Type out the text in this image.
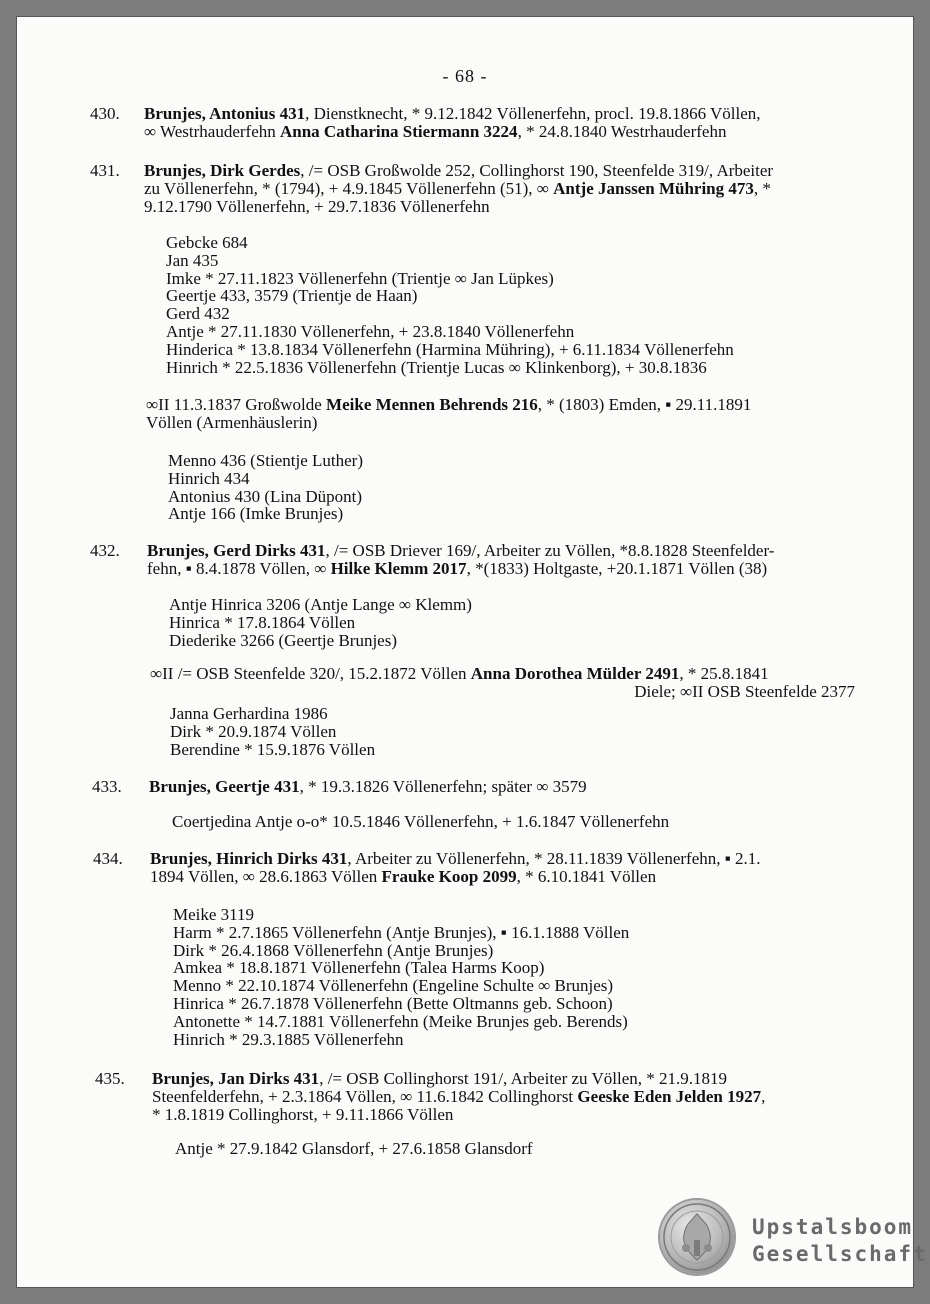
- 68 -
430. Brunjes, Antonius 431, Dienstknecht, * 9.12.1842 Völlenerfehn, procl. 19.8.1866 Völlen,
∞ Westrhauderfehn Anna Catharina Stiermann 3224, * 24.8.1840 Westrhauderfehn
431. Brunjes, Dirk Gerdes, /= OSB Großwolde 252, Collinghorst 190, Steenfelde 319/, Arbeiter
zu Völlenerfehn, * (1794), + 4.9.1845 Völlenerfehn (51), ∞ Antje Janssen Mühring 473, *
9.12.1790 Völlenerfehn, + 29.7.1836 Völlenerfehn
Gebcke 684
Jan 435
Imke * 27.11.1823 Völlenerfehn (Trientje ∞ Jan Lüpkes)
Geertje 433, 3579 (Trientje de Haan)
Gerd 432
Antje * 27.11.1830 Völlenerfehn, + 23.8.1840 Völlenerfehn
Hinderica * 13.8.1834 Völlenerfehn (Harmina Mühring), + 6.11.1834 Völlenerfehn
Hinrich * 22.5.1836 Völlenerfehn (Trientje Lucas ∞ Klinkenborg), + 30.8.1836
∞II 11.3.1837 Großwolde Meike Mennen Behrends 216, * (1803) Emden, ▪ 29.11.1891
Völlen (Armenhäuslerin)
Menno 436 (Stientje Luther)
Hinrich 434
Antonius 430 (Lina Düpont)
Antje 166 (Imke Brunjes)
432. Brunjes, Gerd Dirks 431, /= OSB Driever 169/, Arbeiter zu Völlen, *8.8.1828 Steenfelder-
fehn, ▪ 8.4.1878 Völlen, ∞ Hilke Klemm 2017, *(1833) Holtgaste, +20.1.1871 Völlen (38)
Antje Hinrica 3206 (Antje Lange ∞ Klemm)
Hinrica * 17.8.1864 Völlen
Diederike 3266 (Geertje Brunjes)
∞II /= OSB Steenfelde 320/, 15.2.1872 Völlen Anna Dorothea Mülder 2491, * 25.8.1841
Diele; ∞II OSB Steenfelde 2377
Janna Gerhardina 1986
Dirk * 20.9.1874 Völlen
Berendine * 15.9.1876 Völlen
433. Brunjes, Geertje 431, * 19.3.1826 Völlenerfehn; später ∞ 3579
Coertjedina Antje o-o* 10.5.1846 Völlenerfehn, + 1.6.1847 Völlenerfehn
434. Brunjes, Hinrich Dirks 431, Arbeiter zu Völlenerfehn, * 28.11.1839 Völlenerfehn, ▪ 2.1.
1894 Völlen, ∞ 28.6.1863 Völlen Frauke Koop 2099, * 6.10.1841 Völlen
Meike 3119
Harm * 2.7.1865 Völlenerfehn (Antje Brunjes), ▪ 16.1.1888 Völlen
Dirk * 26.4.1868 Völlenerfehn (Antje Brunjes)
Amkea * 18.8.1871 Völlenerfehn (Talea Harms Koop)
Menno * 22.10.1874 Völlenerfehn (Engeline Schulte ∞ Brunjes)
Hinrica * 26.7.1878 Völlenerfehn (Bette Oltmanns geb. Schoon)
Antonette * 14.7.1881 Völlenerfehn (Meike Brunjes geb. Berends)
Hinrich * 29.3.1885 Völlenerfehn
435. Brunjes, Jan Dirks 431, /= OSB Collinghorst 191/, Arbeiter zu Völlen, * 21.9.1819
Steenfelderfehn, + 2.3.1864 Völlen, ∞ 11.6.1842 Collinghorst Geeske Eden Jelden 1927,
* 1.8.1819 Collinghorst, + 9.11.1866 Völlen
Antje * 27.9.1842 Glansdorf, + 27.6.1858 Glansdorf
Upstalsboom
Gesellschaft
